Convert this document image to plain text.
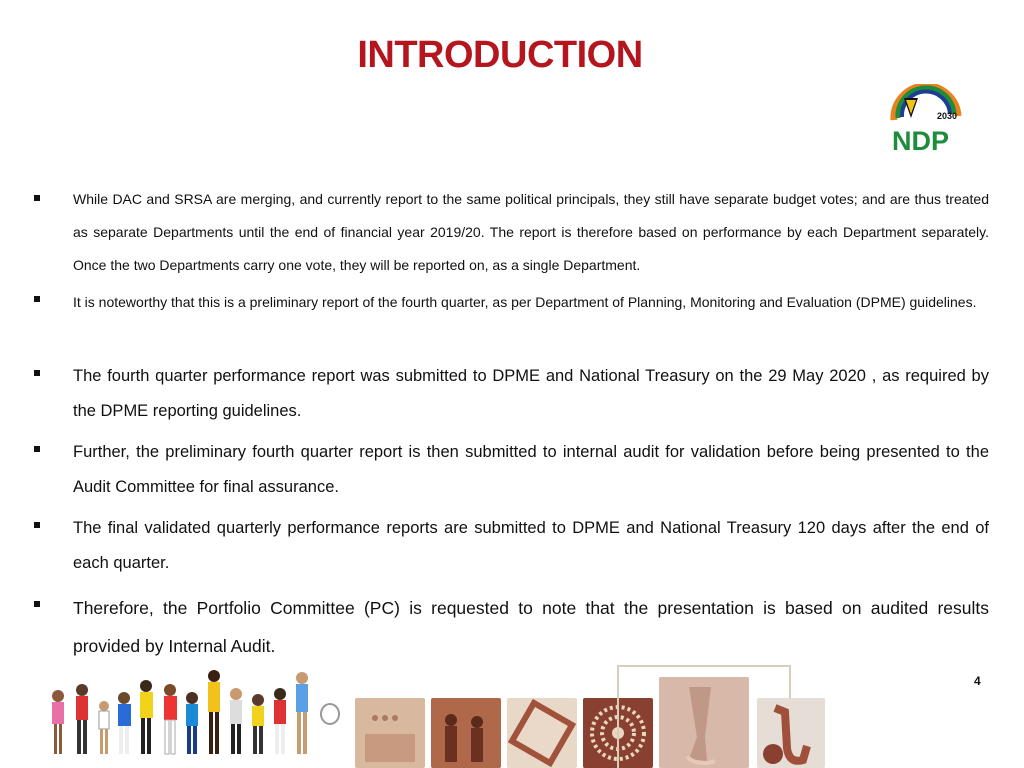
INTRODUCTION
2030
NDP
While DAC and SRSA are merging, and currently report to the same political principals, they still have separate budget votes; and are thus treated as separate Departments until the end of financial year 2019/20. The report is therefore based on performance by each Department separately. Once the two Departments carry one vote, they will be reported on, as a single Department.
It is noteworthy that this is a preliminary report of the fourth quarter, as per Department of Planning, Monitoring and Evaluation (DPME) guidelines.
The fourth quarter performance report was submitted to DPME and National Treasury on the 29 May 2020 , as required by the DPME reporting guidelines.
Further, the preliminary fourth quarter report is then submitted to internal audit for validation before being presented to the Audit Committee for final assurance.
The final validated quarterly performance reports are submitted to DPME and National Treasury 120 days after the end of each quarter.
Therefore, the Portfolio Committee (PC) is requested to note that the presentation is based on audited results provided by Internal Audit.
4
